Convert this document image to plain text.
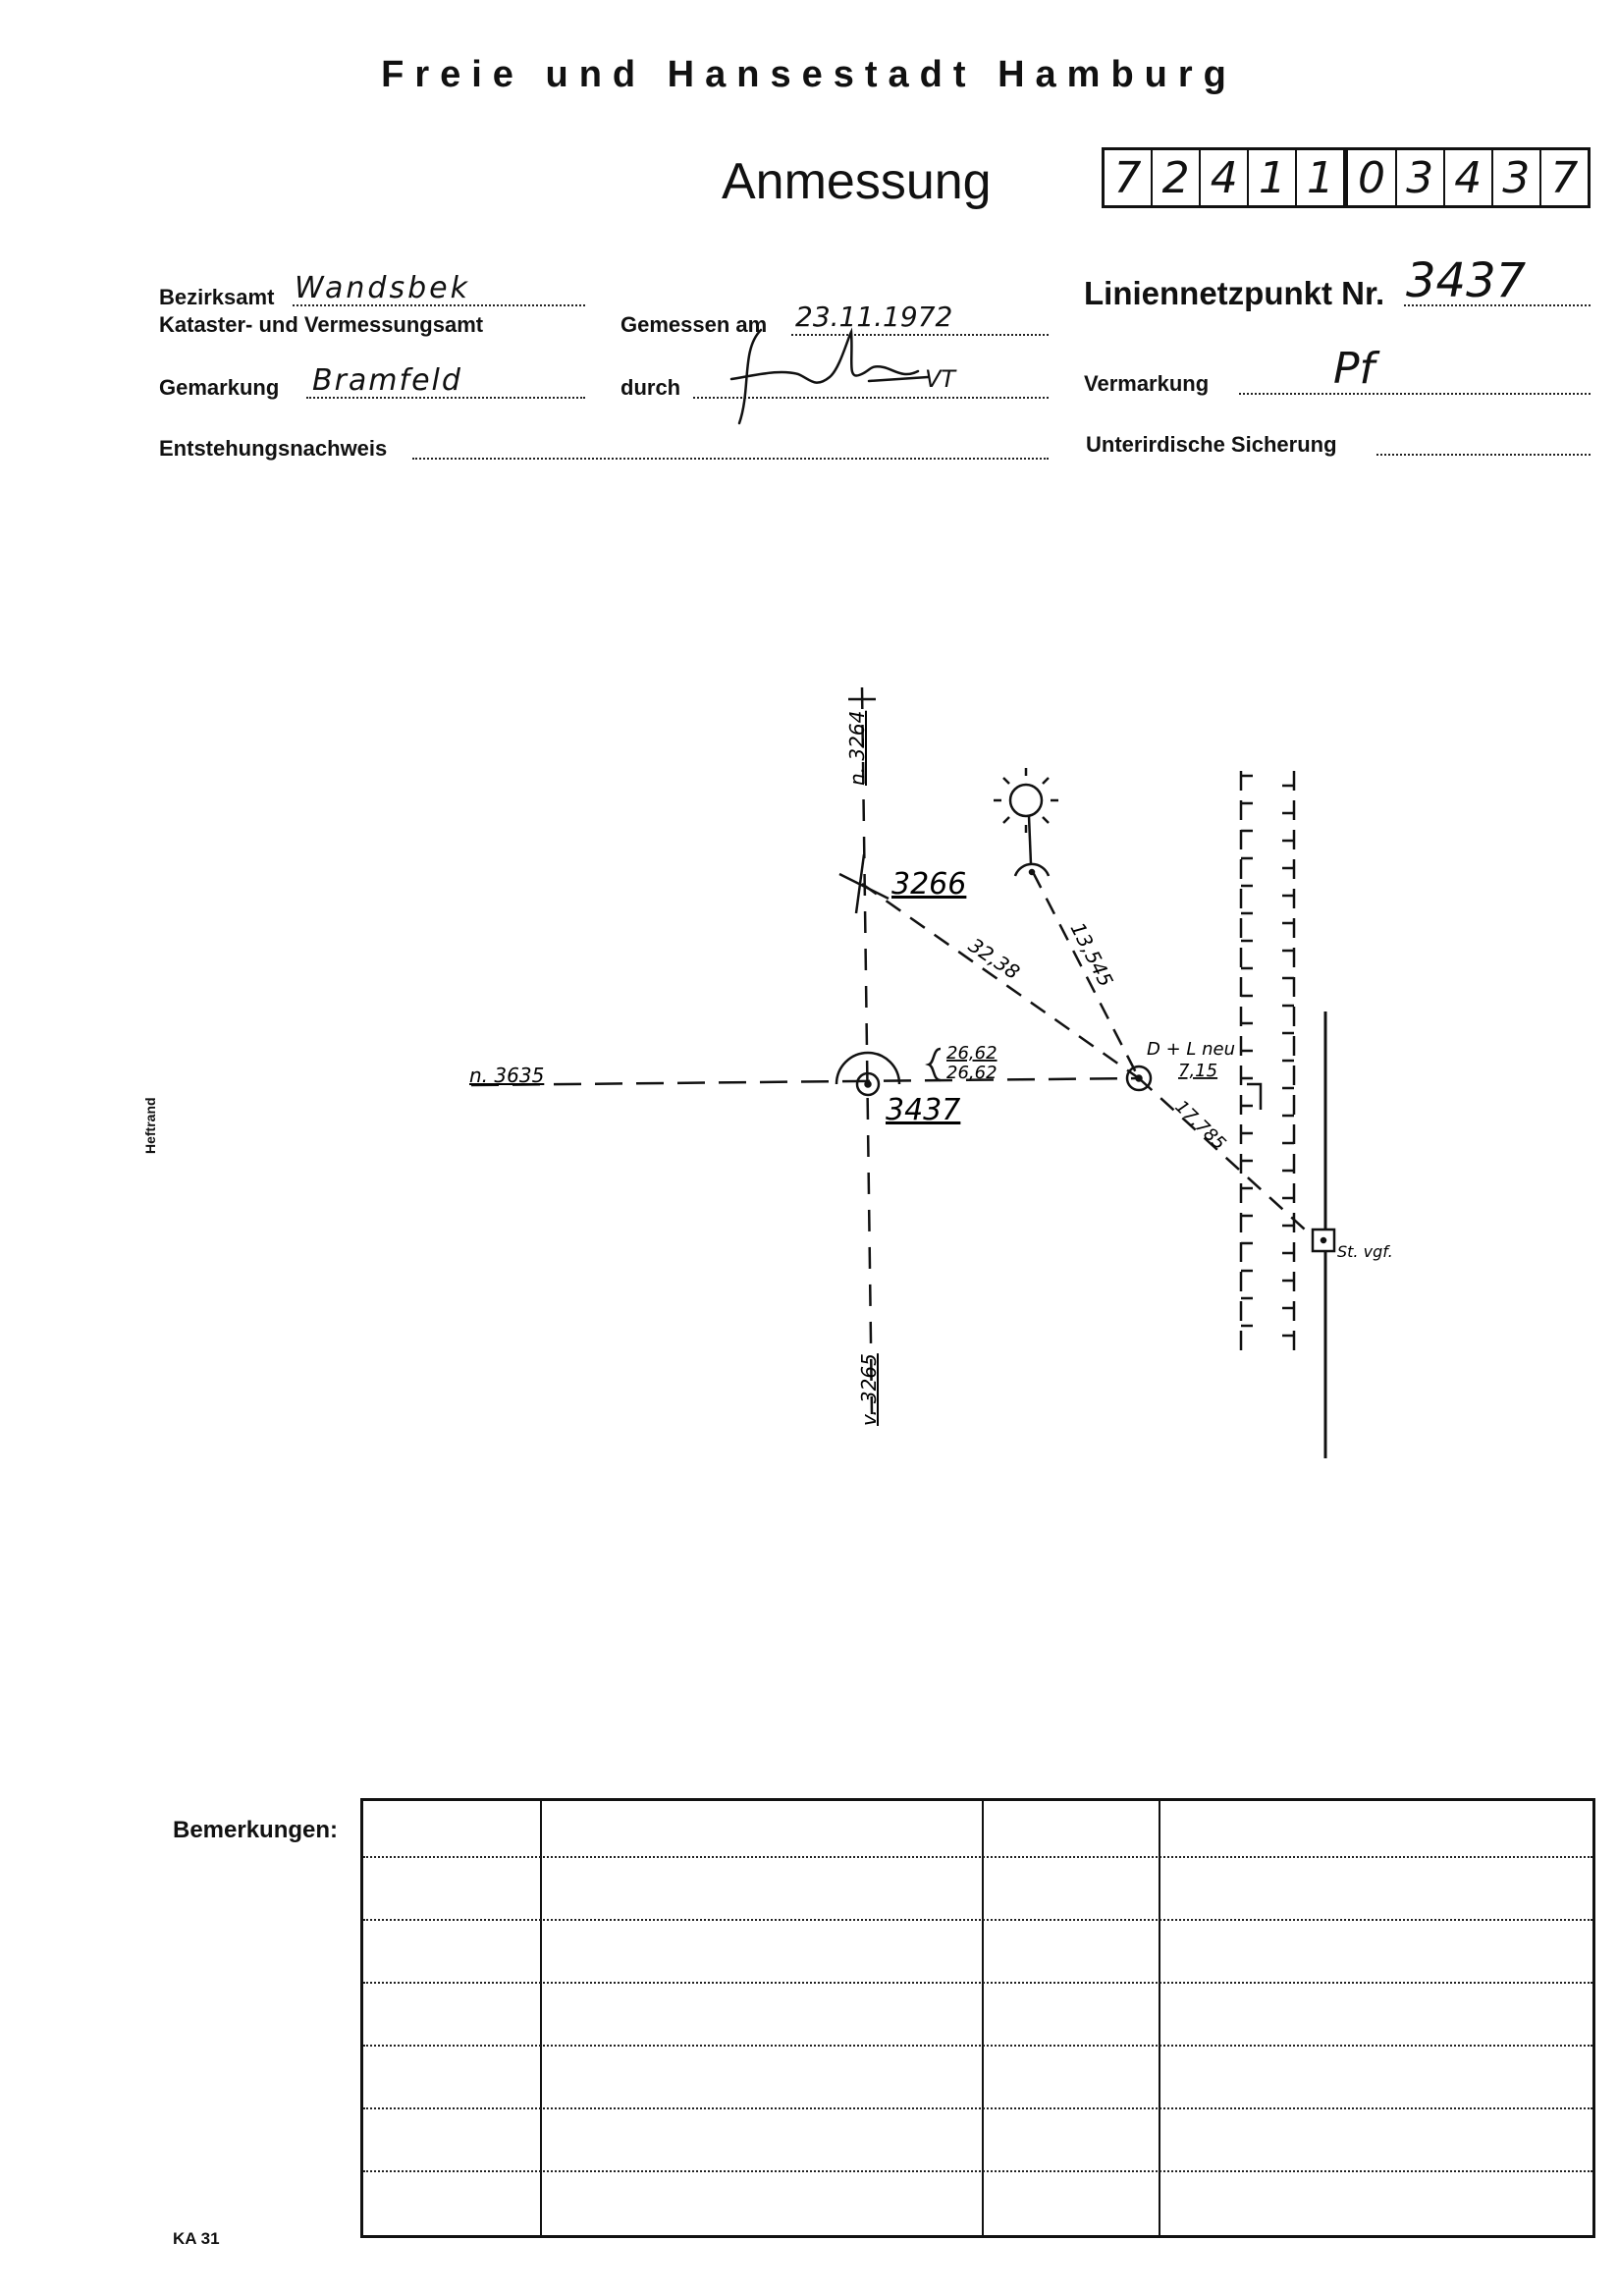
Freie und Hansestadt Hamburg
Anmessung	7 2 4 1 1 0 3 4 3 7
Bezirksamt Wandsbek
Kataster- und Vermessungsamt
Gemarkung Bramfeld
Entstehungsnachweis
Gemessen am 23.11.1972
durch	VT
Liniennetzpunkt Nr. 3437
Vermarkung	Pf
Unterirdische Sicherung
Heftrand
n. 3264
n. 3635
v. 3265
3266
3437
32,38 13,545
26,62
26,62
D + L neu
7,15
17,785
St. vgf.
Bemerkungen:
KA 31
